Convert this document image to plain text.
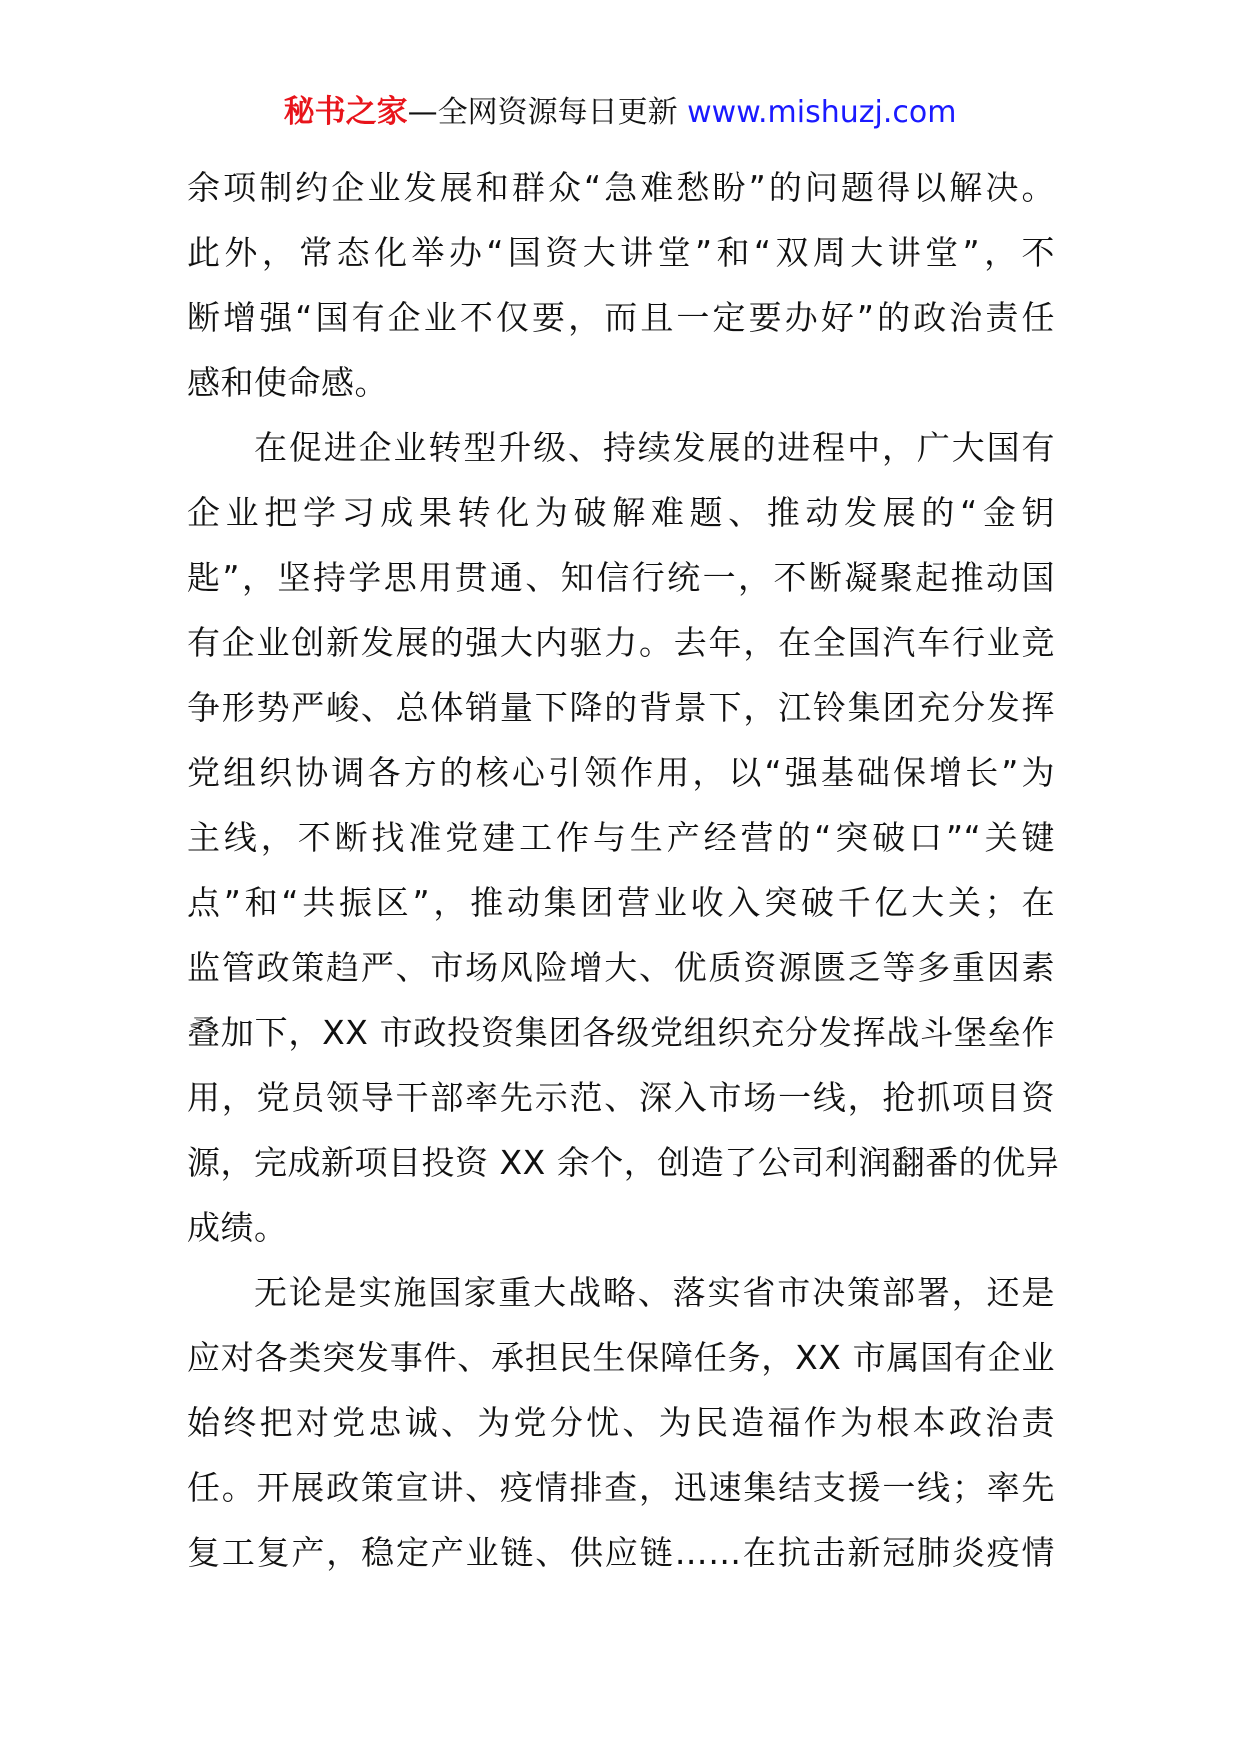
秘书之家—全网资源每日更新 www.mishuzj.com
余项制约企业发展和群众“急难愁盼”的问题得以解决。
此外，常态化举办“国资大讲堂”和“双周大讲堂”，不
断增强“国有企业不仅要，而且一定要办好”的政治责任
感和使命感。
在促进企业转型升级、持续发展的进程中，广大国有
企业把学习成果转化为破解难题、推动发展的“金钥
匙”，坚持学思用贯通、知信行统一，不断凝聚起推动国
有企业创新发展的强大内驱力。去年，在全国汽车行业竞
争形势严峻、总体销量下降的背景下，江铃集团充分发挥
党组织协调各方的核心引领作用，以“强基础保增长”为
主线，不断找准党建工作与生产经营的“突破口”“关键
点”和“共振区”，推动集团营业收入突破千亿大关；在
监管政策趋严、市场风险增大、优质资源匮乏等多重因素
叠加下，XX 市政投资集团各级党组织充分发挥战斗堡垒作
用，党员领导干部率先示范、深入市场一线，抢抓项目资
源，完成新项目投资 XX 余个，创造了公司利润翻番的优异
成绩。
无论是实施国家重大战略、落实省市决策部署，还是
应对各类突发事件、承担民生保障任务，XX 市属国有企业
始终把对党忠诚、为党分忧、为民造福作为根本政治责
任。开展政策宣讲、疫情排查，迅速集结支援一线；率先
复工复产，稳定产业链、供应链……在抗击新冠肺炎疫情
